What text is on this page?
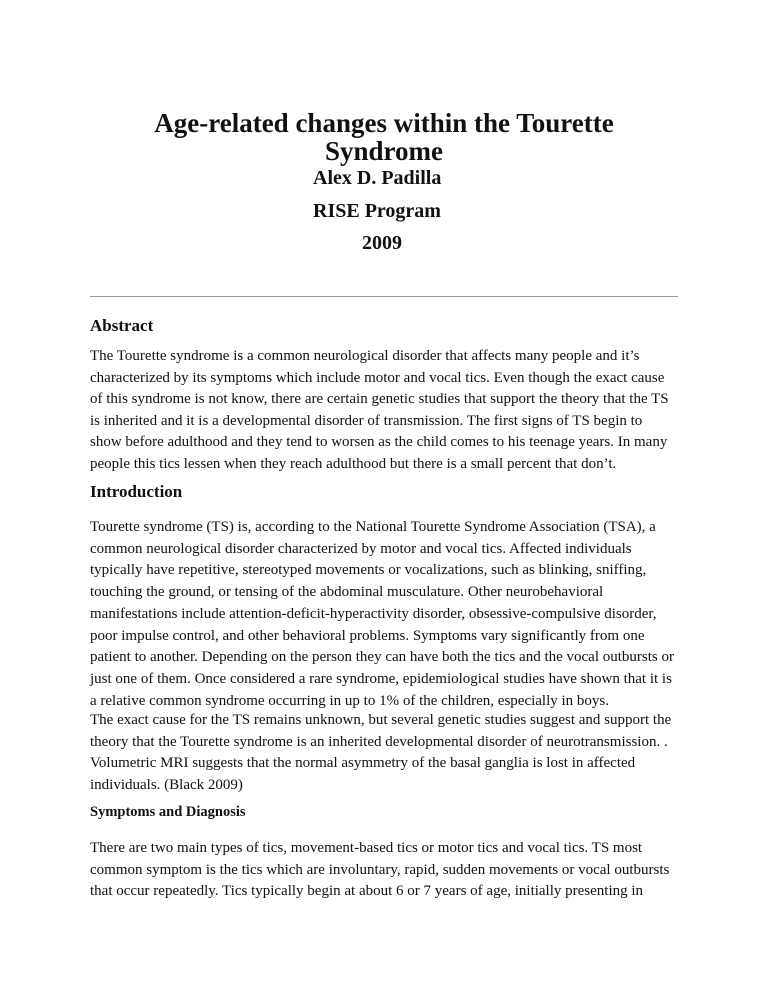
Age-related changes within the Tourette
Syndrome
Alex D. Padilla
RISE Program
2009
Abstract
The Tourette syndrome is a common neurological disorder that affects many people and it’s
characterized by its symptoms which include motor and vocal tics. Even though the exact cause
of this syndrome is not know, there are certain genetic studies that support the theory that the TS
is inherited and it is a developmental disorder of transmission. The first signs of TS begin to
show before adulthood and they tend to worsen as the child comes to his teenage years. In many
people this tics lessen when they reach adulthood but there is a small percent that don’t.
Introduction
Tourette syndrome (TS) is, according to the National Tourette Syndrome Association (TSA), a
common neurological disorder characterized by motor and vocal tics. Affected individuals
typically have repetitive, stereotyped movements or vocalizations, such as blinking, sniffing,
touching the ground, or tensing of the abdominal musculature. Other neurobehavioral
manifestations include attention-deficit-hyperactivity disorder, obsessive-compulsive disorder,
poor impulse control, and other behavioral problems. Symptoms vary significantly from one
patient to another. Depending on the person they can have both the tics and the vocal outbursts or
just one of them. Once considered a rare syndrome, epidemiological studies have shown that it is
a relative common syndrome occurring in up to 1% of the children, especially in boys.
The exact cause for the TS remains unknown, but several genetic studies suggest and support the
theory that the Tourette syndrome is an inherited developmental disorder of neurotransmission. .
Volumetric MRI suggests that the normal asymmetry of the basal ganglia is lost in affected
individuals. (Black 2009)
Symptoms and Diagnosis
There are two main types of tics, movement-based tics or motor tics and vocal tics. TS most
common symptom is the tics which are involuntary, rapid, sudden movements or vocal outbursts
that occur repeatedly. Tics typically begin at about 6 or 7 years of age, initially presenting in
